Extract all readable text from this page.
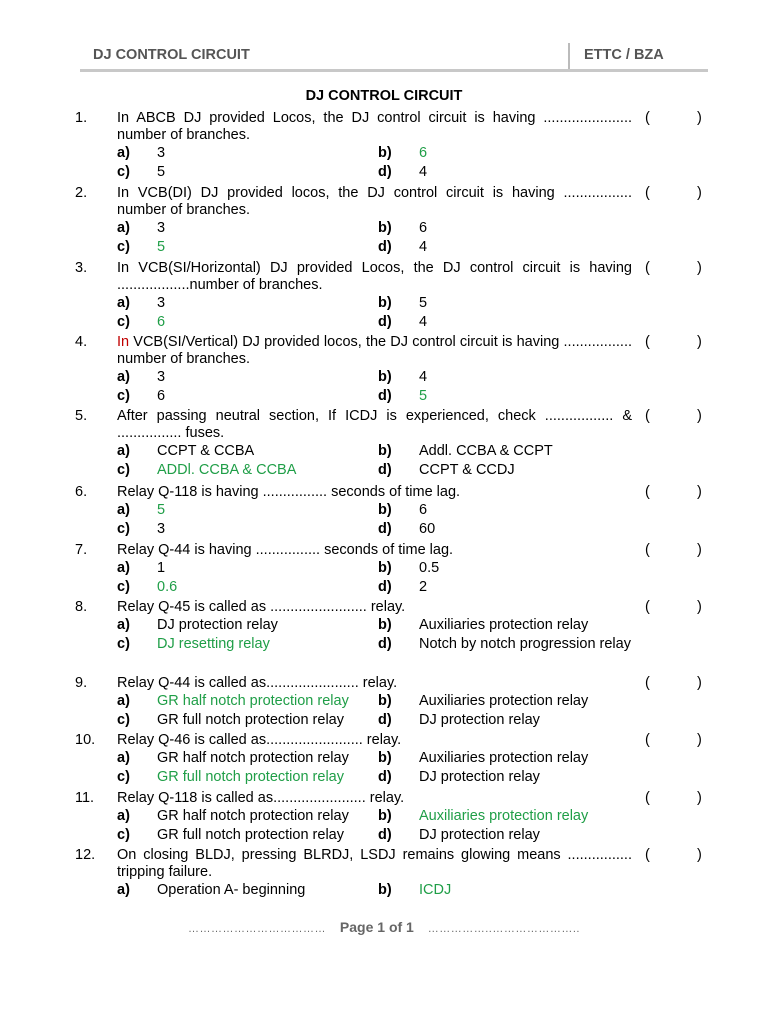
DJ CONTROL CIRCUIT	ETTC / BZA
DJ CONTROL CIRCUIT
1. In ABCB DJ provided Locos, the DJ control circuit is having ...................... number of branches.
(	)
a) 3	b) 6
c) 5	d) 4
2. In VCB(DI) DJ provided locos, the DJ control circuit is having ................. number of branches.
(	)
a) 3	b) 6
c) 5	d) 4
3. In VCB(SI/Horizontal) DJ provided Locos, the DJ control circuit is having ..................number of branches.
(	)
a) 3	b) 5
c) 6	d) 4
4. In VCB(SI/Vertical) DJ provided locos, the DJ control circuit is having ................. number of branches.
(	)
a) 3	b) 4
c) 6	d) 5
5. After passing neutral section, If ICDJ is experienced, check ................. & ................ fuses.
(	)
a) CCPT & CCBA	b) Addl. CCBA & CCPT
c) ADDl. CCBA & CCBA	d) CCPT & CCDJ
6. Relay Q-118 is having ................ seconds of time lag.	(	)
a) 5	b) 6
c) 3	d) 60
7. Relay Q-44 is having ................ seconds of time lag.	(	)
a) 1	b) 0.5
c) 0.6	d) 2
8. Relay Q-45 is called as ........................ relay.	(	)
a) DJ protection relay	b) Auxiliaries protection relay
c) DJ resetting relay	d) Notch by notch progression relay
9. Relay Q-44 is called as....................... relay.	(	)
a) GR half notch protection relay	b) Auxiliaries protection relay
c) GR full notch protection relay	d) DJ protection relay
10. Relay Q-46 is called as........................ relay.	(	)
a) GR half notch protection relay	b) Auxiliaries protection relay
c) GR full notch protection relay	d) DJ protection relay
11. Relay Q-118 is called as....................... relay.	(	)
a) GR half notch protection relay	b) Auxiliaries protection relay
c) GR full notch protection relay	d) DJ protection relay
12. On closing BLDJ, pressing BLRDJ, LSDJ remains glowing means ................ tripping failure.
(	)
a) Operation A- beginning	b) ICDJ
……………………………… Page 1 of 1 ……………..…………………..
